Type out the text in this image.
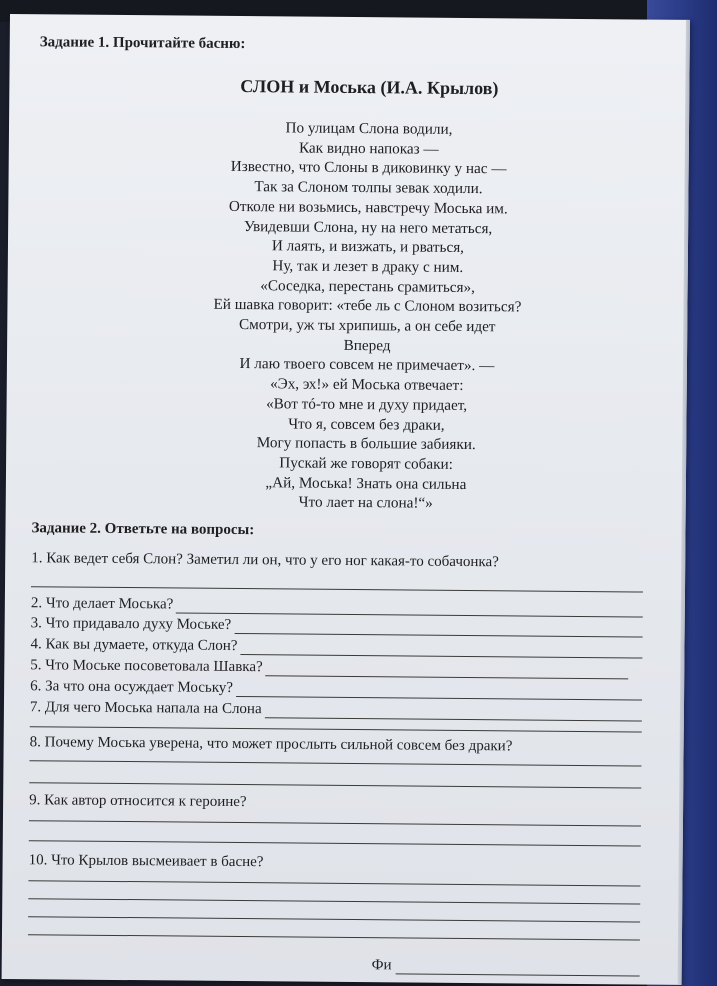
Задание 1. Прочитайте басню:
СЛОН и Моська (И.А. Крылов)
По улицам Слона водили,
Как видно напоказ —
Известно, что Слоны в диковинку у нас —
Так за Слоном толпы зевак ходили.
Отколе ни возьмись, навстречу Моська им.
Увидевши Слона, ну на него метаться,
И лаять, и визжать, и рваться,
Ну, так и лезет в драку с ним.
«Соседка, перестань срамиться»,
Ей шавка говорит: «тебе ль с Слоном возиться?
Смотри, уж ты хрипишь, а он себе идет
Вперед
И лаю твоего совсем не примечает». —
«Эх, эх!» ей Моська отвечает:
«Вот тó-то мне и духу придает,
Что я, совсем без драки,
Могу попасть в большие забияки.
Пускай же говорят собаки:
„Ай, Моська! Знать она сильна
Что лает на слона!“»
Задание 2. Ответьте на вопросы:
1. Как ведет себя Слон? Заметил ли он, что у его ног какая-то собачонка?
2. Что делает Моська?
3. Что придавало духу Моське?
4. Как вы думаете, откуда Слон?
5. Что Моське посоветовала Шавка?
6. За что она осуждает Моську?
7. Для чего Моська напала на Слона
8. Почему Моська уверена, что может прослыть сильной совсем без драки?
9. Как автор относится к героине?
10. Что Крылов высмеивает в басне?
Фи
